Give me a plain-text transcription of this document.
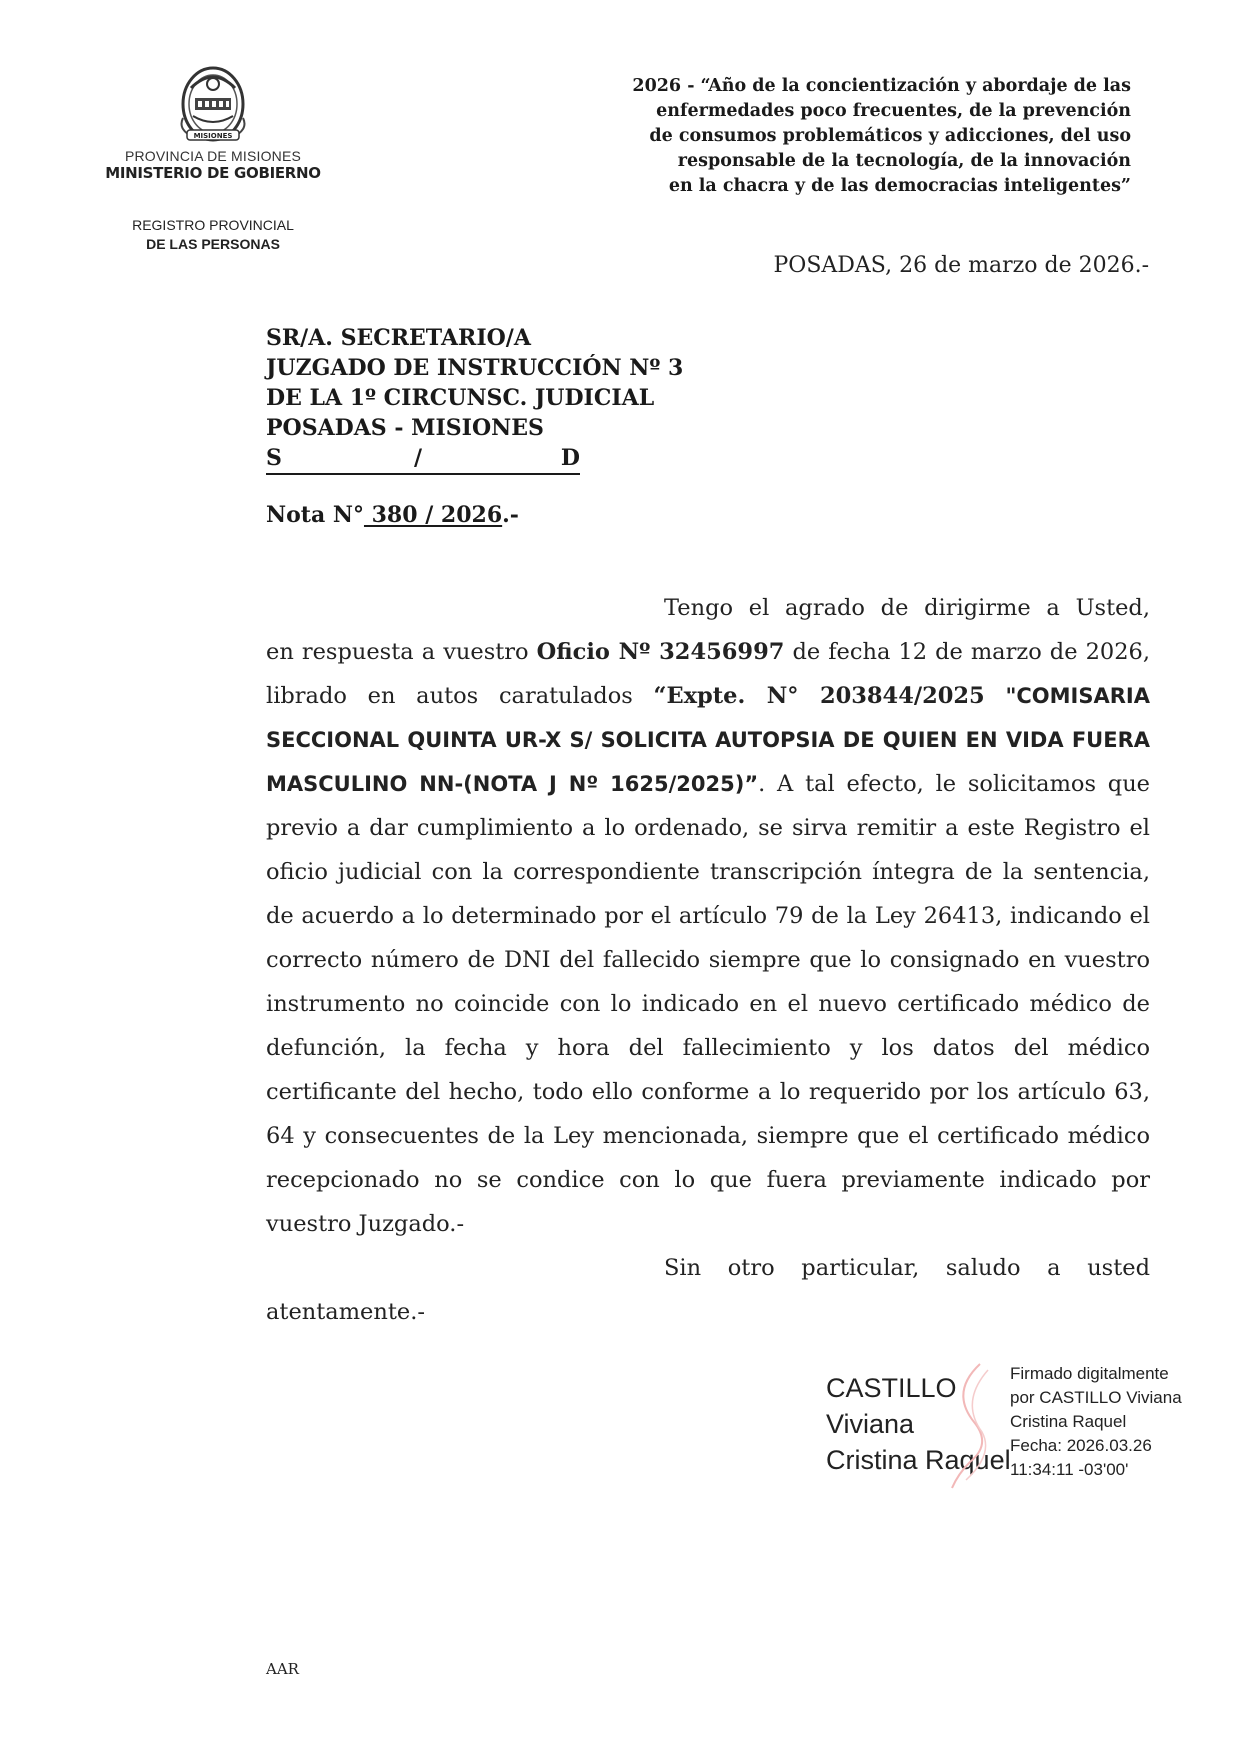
MISIONES
PROVINCIA DE MISIONES
MINISTERIO DE GOBIERNO
REGISTRO PROVINCIAL
DE LAS PERSONAS
2026 - “Año de la concientización y abordaje de las
enfermedades poco frecuentes, de la prevención
de consumos problemáticos y adicciones, del uso
responsable de la tecnología, de la innovación
en la chacra y de las democracias inteligentes”
POSADAS, 26 de marzo de 2026.-
SR/A. SECRETARIO/A
JUZGADO DE INSTRUCCIÓN Nº 3
DE LA 1º CIRCUNSC. JUDICIAL
POSADAS - MISIONES
S	/	D
Nota N° 380 / 2026.-

Tengo el agrado de dirigirme a Usted,

en respuesta a vuestro Oficio Nº 32456997 de fecha 12 de marzo de 2026, librado en autos caratulados “Expte. N° 203844/2025 "COMISARIA SECCIONAL QUINTA UR-X S/ SOLICITA AUTOPSIA DE QUIEN EN VIDA FUERA MASCULINO NN-(NOTA J Nº 1625/2025)”. A tal efecto, le solicitamos que previo a dar cumplimiento a lo ordenado, se sirva remitir a este Registro el oficio judicial con la correspondiente transcripción íntegra de la sentencia, de acuerdo a lo determinado por el artículo 79 de la Ley 26413, indicando el correcto número de DNI del fallecido siempre que lo consignado en vuestro instrumento no coincide con lo indicado en el nuevo certificado médico de defunción, la fecha y hora del fallecimiento y los datos del médico certificante del hecho, todo ello conforme a lo requerido por los artículo 63, 64 y consecuentes de la Ley mencionada, siempre que el certificado médico recepcionado no se condice con lo que fuera previamente indicado por vuestro Juzgado.-

Sin otro particular, saludo a usted atentamente.-

CASTILLO
Viviana
Cristina Raquel
Firmado digitalmente
por CASTILLO Viviana
Cristina Raquel
Fecha: 2026.03.26
11:34:11 -03'00'
AAR
